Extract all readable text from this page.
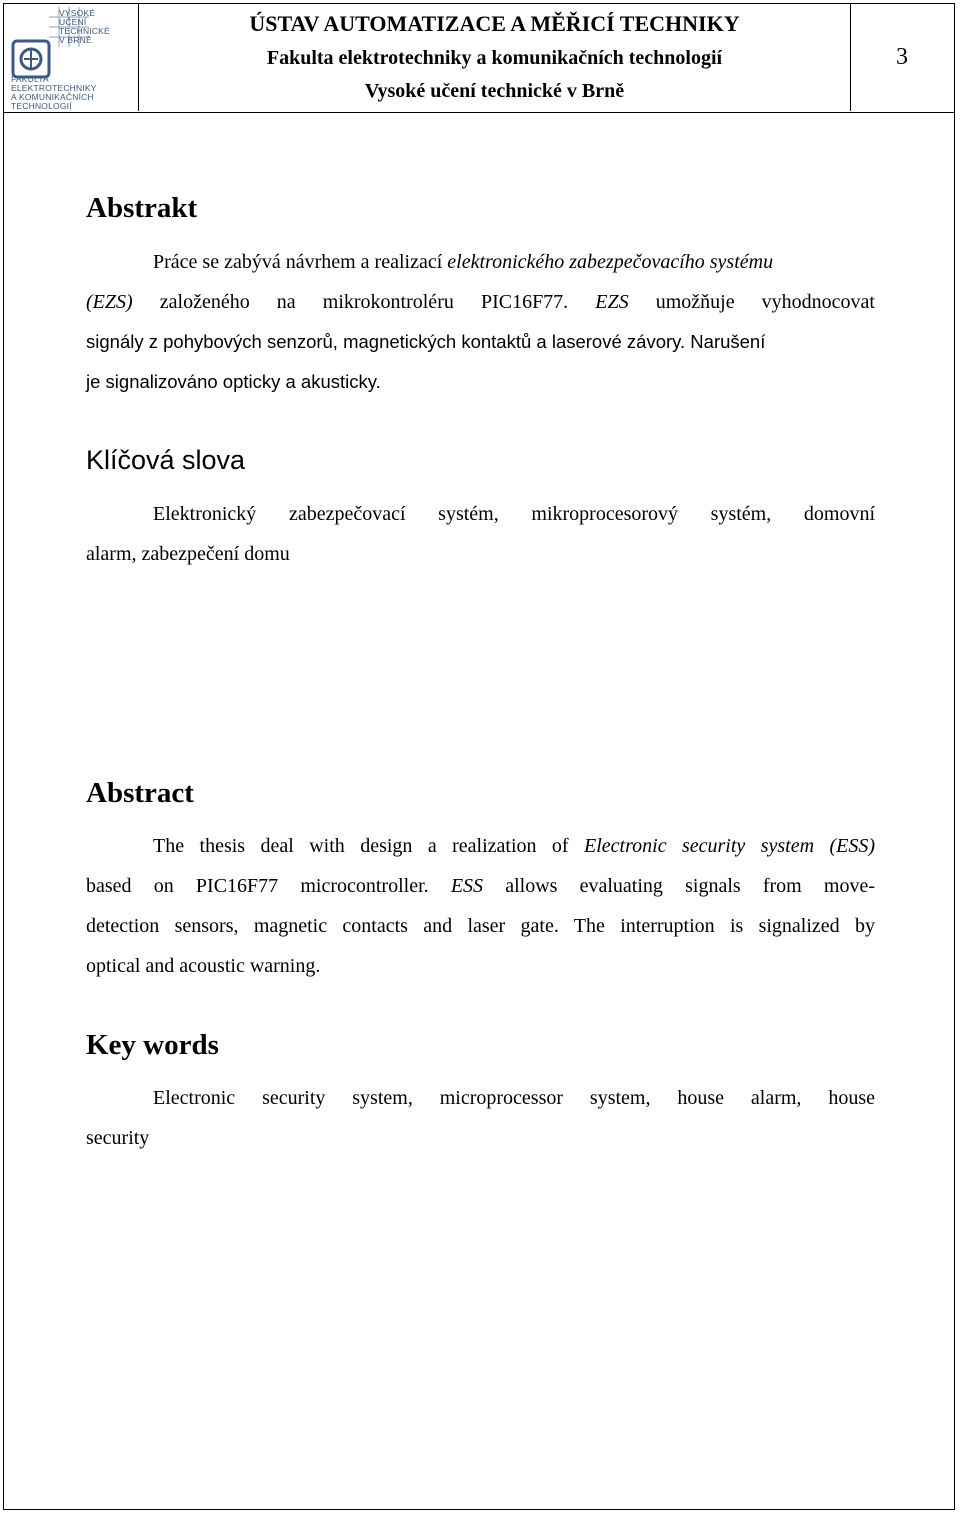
VYSOKÉ
UČENÍ
TECHNICKÉ
V BRNĚ
FAKULTA
ELEKTROTECHNIKY
A KOMUNIKAČNÍCH
TECHNOLOGIÍ
ÚSTAV AUTOMATIZACE A MĚŘICÍ TECHNIKY
Fakulta elektrotechniky a komunikačních technologií
Vysoké učení technické v Brně
3
Abstrakt
Práce se zabývá návrhem a realizací elektronického zabezpečovacího systému
(EZS) založeného na mikrokontroléru PIC16F77. EZS umožňuje vyhodnocovat
signály z pohybových senzorů, magnetických kontaktů a laserové závory. Narušení
je signalizováno opticky a akusticky.
Klíčová slova
Elektronický zabezpečovací systém, mikroprocesorový systém, domovní
alarm, zabezpečení domu
Abstract
The thesis deal with design a realization of Electronic security system (ESS)
based on PIC16F77 microcontroller. ESS allows evaluating signals from move-
detection sensors, magnetic contacts and laser gate. The interruption is signalized by
optical and acoustic warning.
Key words
Electronic security system, microprocessor system, house alarm, house
security
